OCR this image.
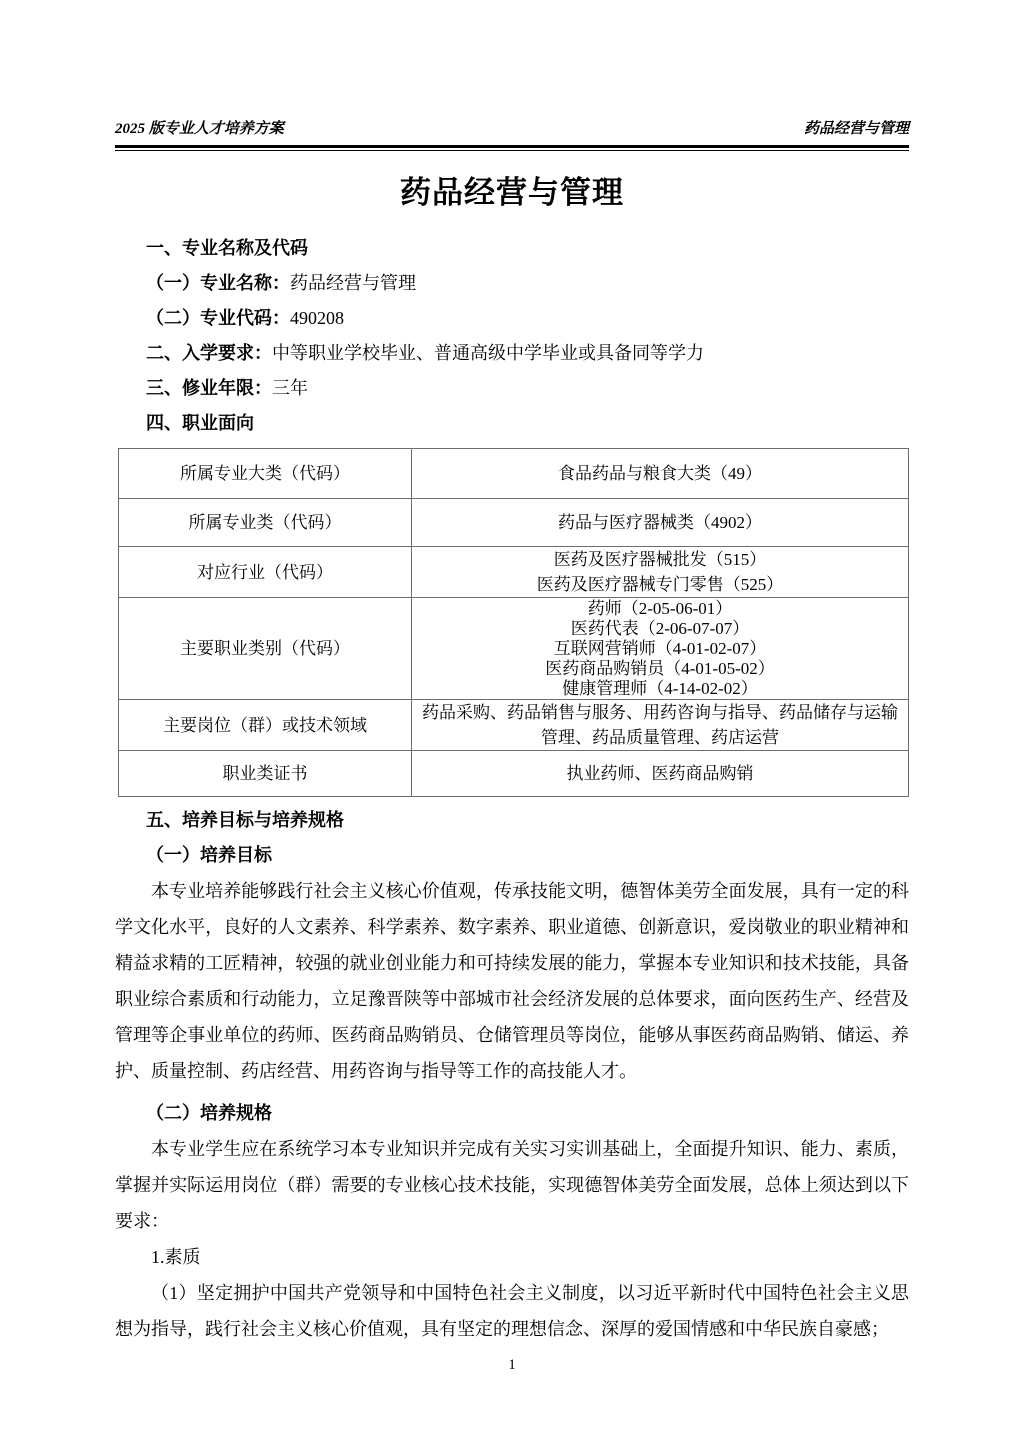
2025 版专业人才培养方案	药品经营与管理
药品经营与管理
一、专业名称及代码
（一）专业名称：药品经营与管理
（二）专业代码：490208
二、入学要求：中等职业学校毕业、普通高级中学毕业或具备同等学力
三、修业年限：三年
四、职业面向
所属专业大类（代码）	食品药品与粮食大类（49）

所属专业类（代码）	药品与医疗器械类（4902）

对应行业（代码）	医药及医疗器械批发（515）
医药及医疗器械专门零售（525）

主要职业类别（代码）	药师（2-05-06-01）
医药代表（2-06-07-07）
互联网营销师（4-01-02-07）
医药商品购销员（4-01-05-02）
健康管理师（4-14-02-02）

主要岗位（群）或技术领域	药品采购、药品销售与服务、用药咨询与指导、药品储存与运输
管理、药品质量管理、药店运营

职业类证书	执业药师、医药商品购销
五、培养目标与培养规格
（一）培养目标

本专业培养能够践行社会主义核心价值观，传承技能文明，德智体美劳全面发展，具有一定的科学文化水平，良好的人文素养、科学素养、数字素养、职业道德、创新意识，爱岗敬业的职业精神和精益求精的工匠精神，较强的就业创业能力和可持续发展的能力，掌握本专业知识和技术技能，具备职业综合素质和行动能力，立足豫晋陕等中部城市社会经济发展的总体要求，面向医药生产、经营及管理等企事业单位的药师、医药商品购销员、仓储管理员等岗位，能够从事医药商品购销、储运、养护、质量控制、药店经营、用药咨询与指导等工作的高技能人才。

（二）培养规格

本专业学生应在系统学习本专业知识并完成有关实习实训基础上，全面提升知识、能力、素质，掌握并实际运用岗位（群）需要的专业核心技术技能，实现德智体美劳全面发展，总体上须达到以下要求：

1.素质

（1）坚定拥护中国共产党领导和中国特色社会主义制度，以习近平新时代中国特色社会主义思想为指导，践行社会主义核心价值观，具有坚定的理想信念、深厚的爱国情感和中华民族自豪感；

1
